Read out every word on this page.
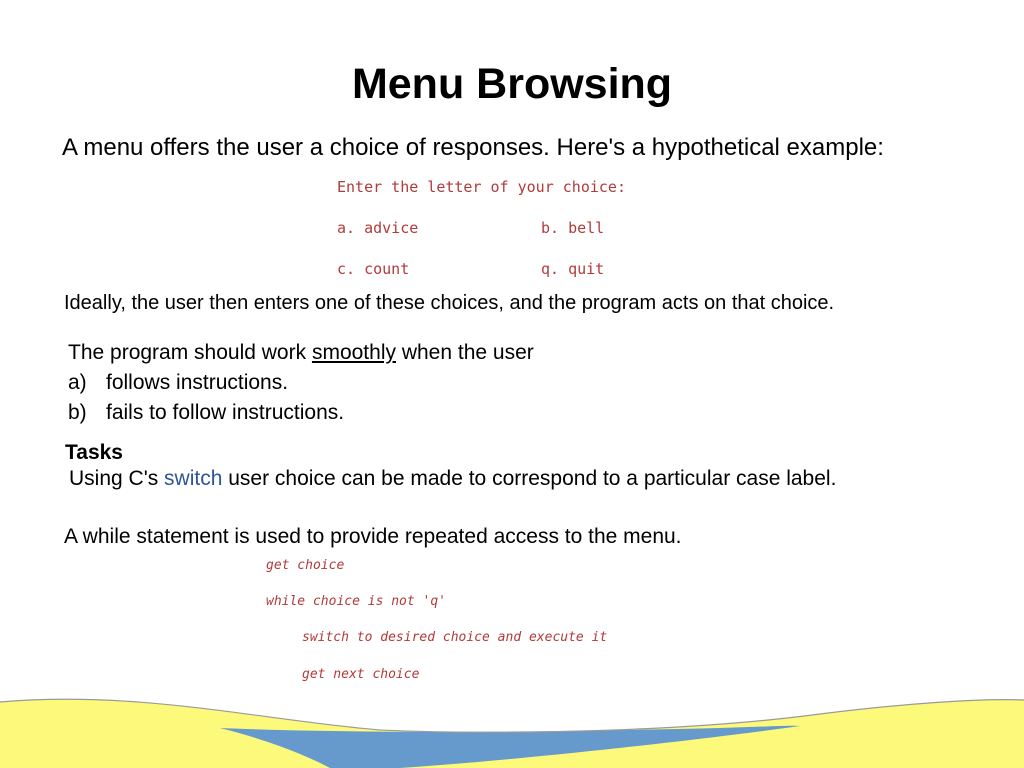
Menu Browsing
A menu offers the user a choice of responses. Here's a hypothetical example:
Enter the letter of your choice:
a. advice	b. bell
c. count	q. quit
Ideally, the user then enters one of these choices, and the program acts on that choice.
The program should work smoothly when the user
a) follows instructions.
b) fails to follow instructions.
Tasks
Using C's switch user choice can be made to correspond to a particular case label.
A while statement is used to provide repeated access to the menu.
get choice
while choice is not 'q'
switch to desired choice and execute it
get next choice
